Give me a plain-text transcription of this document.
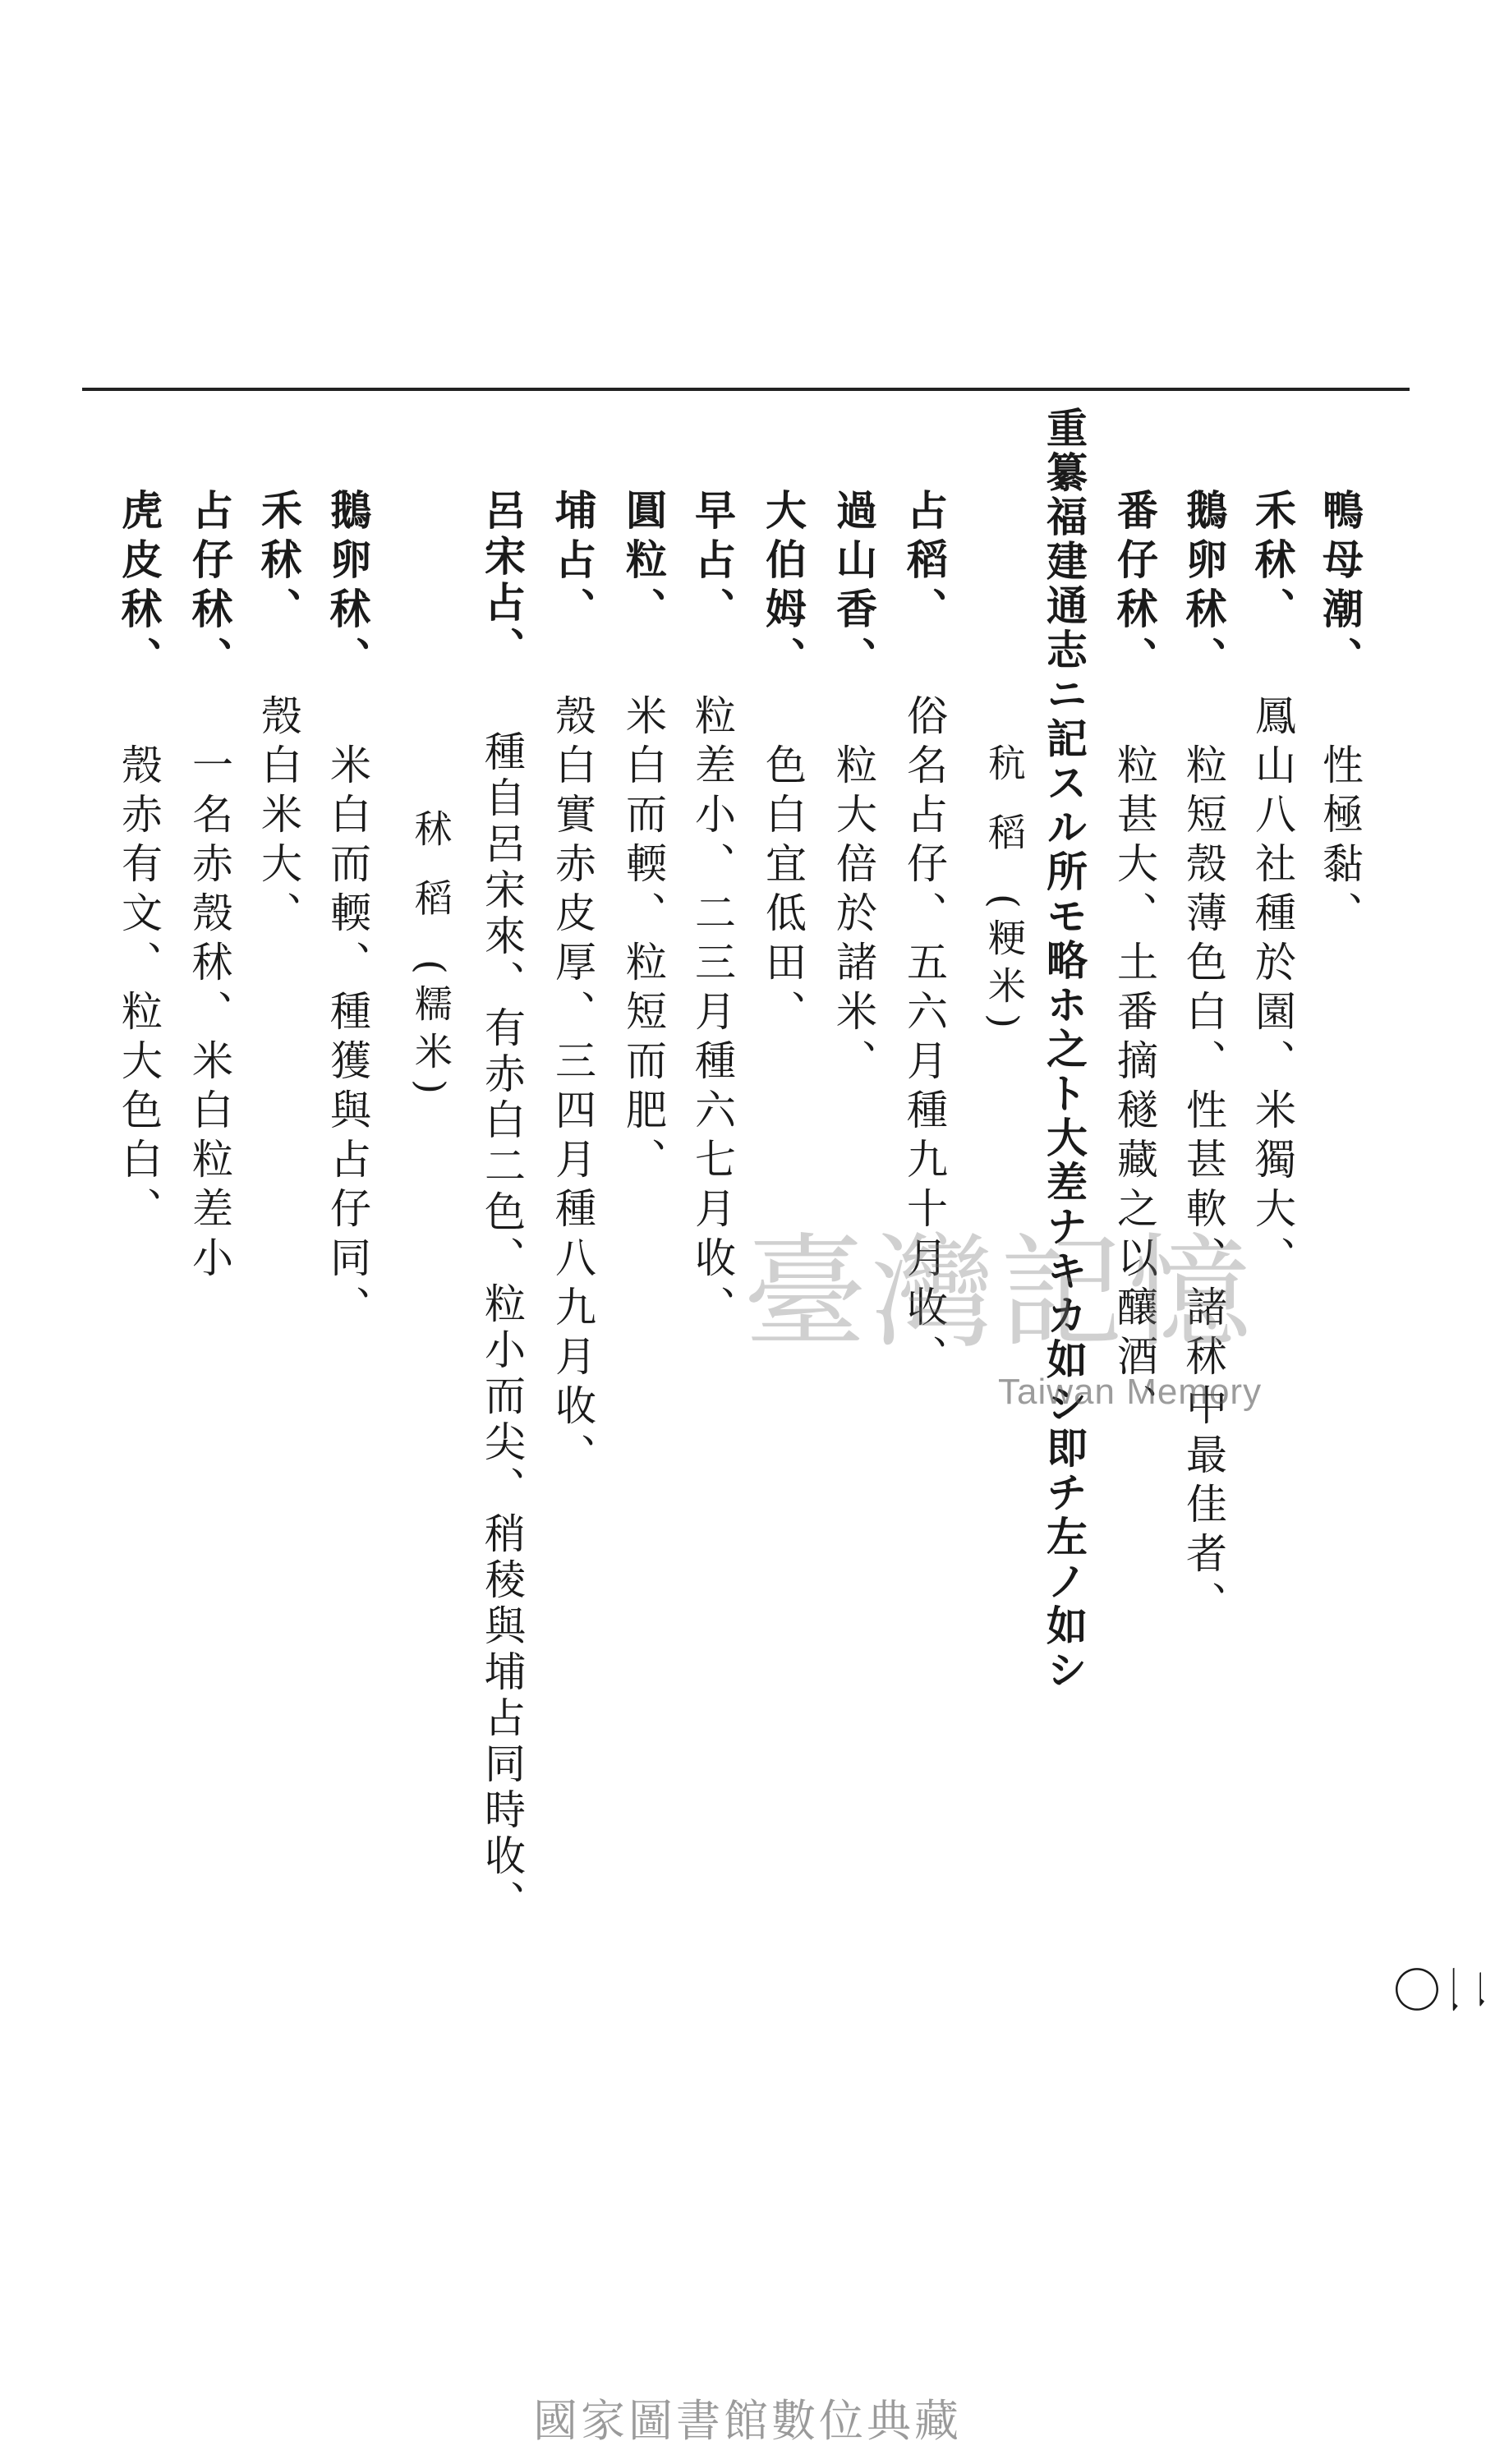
鴨母潮、性極黏、
禾秫、鳳山八社種於園、米獨大、
鵝卵秫、粒短殼薄色白、性甚軟、諸秫中最佳者、
番仔秫、粒甚大、土番摘穟藏之以釀酒、
重纂福建通志ニ記スル所モ略ホ之ト大差ナキカ如シ即チ左ノ如シ
秔 稻(粳米)
占稻、俗名占仔、五六月種九十月收、
過山香、粒大倍於諸米、
大伯姆、色白宜低田、
早占、粒差小、二三月種六七月收、
圓粒、米白而輭、粒短而肥、
埔占、殼白實赤皮厚、三四月種八九月收、
呂宋占、種自呂宋來、有赤白二色、粒小而尖、稍稜與埔占同時收、
秫 稻(糯米)
鵝卵秫、米白而輭、種獲與占仔同、
禾秫、殼白米大、
占仔秫、一名赤殼秫、米白粒差小
虎皮秫、殼赤有文、粒大色白、
臺灣記憶
Taiwan Memory
二〇
國家圖書館數位典藏
